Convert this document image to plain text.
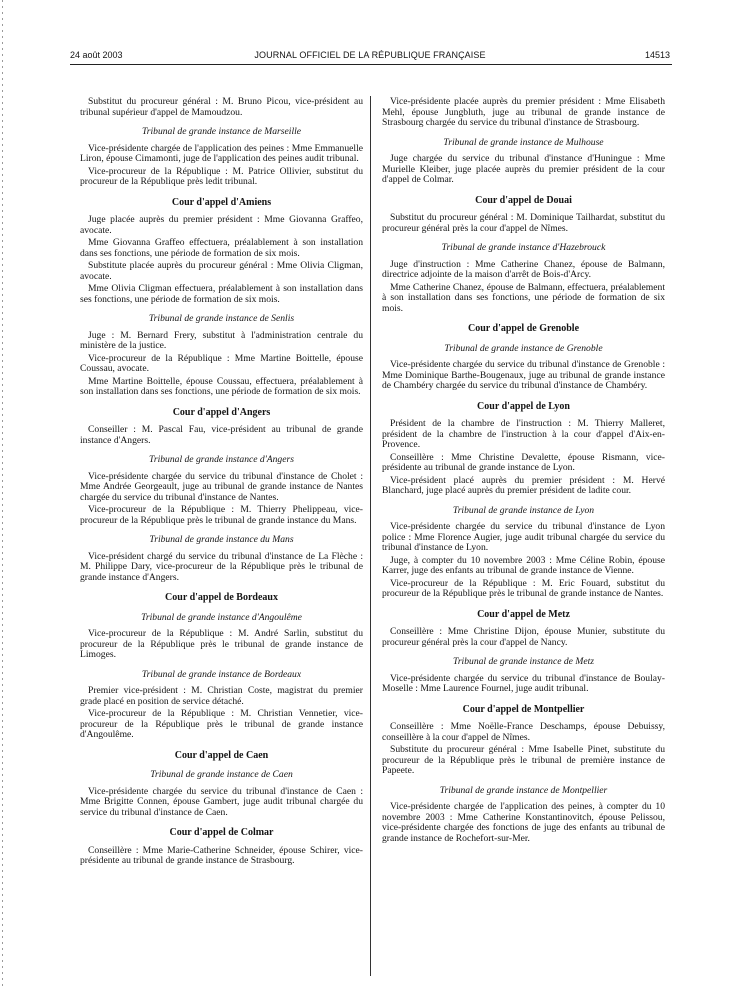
24 août 2003	JOURNAL OFFICIEL DE LA RÉPUBLIQUE FRANÇAISE	14513

Substitut du procureur général : M. Bruno Picou, vice-président au tribunal supérieur d'appel de Mamoudzou.

Tribunal de grande instance de Marseille

Vice-présidente chargée de l'application des peines : Mme Emmanuelle Liron, épouse Cimamonti, juge de l'application des peines audit tribunal.

Vice-procureur de la République : M. Patrice Ollivier, substitut du procureur de la République près ledit tribunal.

Cour d'appel d'Amiens

Juge placée auprès du premier président : Mme Giovanna Graffeo, avocate.

Mme Giovanna Graffeo effectuera, préalablement à son installation dans ses fonctions, une période de formation de six mois.

Substitute placée auprès du procureur général : Mme Olivia Cligman, avocate.

Mme Olivia Cligman effectuera, préalablement à son installation dans ses fonctions, une période de formation de six mois.

Tribunal de grande instance de Senlis

Juge : M. Bernard Frery, substitut à l'administration centrale du ministère de la justice.

Vice-procureur de la République : Mme Martine Boittelle, épouse Coussau, avocate.

Mme Martine Boittelle, épouse Coussau, effectuera, préalablement à son installation dans ses fonctions, une période de formation de six mois.

Cour d'appel d'Angers

Conseiller : M. Pascal Fau, vice-président au tribunal de grande instance d'Angers.

Tribunal de grande instance d'Angers

Vice-présidente chargée du service du tribunal d'instance de Cholet : Mme Andrée Georgeault, juge au tribunal de grande instance de Nantes chargée du service du tribunal d'instance de Nantes.

Vice-procureur de la République : M. Thierry Phelippeau, vice-procureur de la République près le tribunal de grande instance du Mans.

Tribunal de grande instance du Mans

Vice-président chargé du service du tribunal d'instance de La Flèche : M. Philippe Dary, vice-procureur de la République près le tribunal de grande instance d'Angers.

Cour d'appel de Bordeaux
Tribunal de grande instance d'Angoulême

Vice-procureur de la République : M. André Sarlin, substitut du procureur de la République près le tribunal de grande instance de Limoges.

Tribunal de grande instance de Bordeaux

Premier vice-président : M. Christian Coste, magistrat du premier grade placé en position de service détaché.

Vice-procureur de la République : M. Christian Vennetier, vice-procureur de la République près le tribunal de grande instance d'Angoulême.

Cour d'appel de Caen
Tribunal de grande instance de Caen

Vice-présidente chargée du service du tribunal d'instance de Caen : Mme Brigitte Connen, épouse Gambert, juge audit tribunal chargée du service du tribunal d'instance de Caen.

Cour d'appel de Colmar

Conseillère : Mme Marie-Catherine Schneider, épouse Schirer, vice-présidente au tribunal de grande instance de Strasbourg.

Vice-présidente placée auprès du premier président : Mme Elisabeth Mehl, épouse Jungbluth, juge au tribunal de grande instance de Strasbourg chargée du service du tribunal d'instance de Strasbourg.

Tribunal de grande instance de Mulhouse

Juge chargée du service du tribunal d'instance d'Huningue : Mme Murielle Kleiber, juge placée auprès du premier président de la cour d'appel de Colmar.

Cour d'appel de Douai

Substitut du procureur général : M. Dominique Tailhardat, substitut du procureur général près la cour d'appel de Nîmes.

Tribunal de grande instance d'Hazebrouck

Juge d'instruction : Mme Catherine Chanez, épouse de Balmann, directrice adjointe de la maison d'arrêt de Bois-d'Arcy.

Mme Catherine Chanez, épouse de Balmann, effectuera, préalablement à son installation dans ses fonctions, une période de formation de six mois.

Cour d'appel de Grenoble
Tribunal de grande instance de Grenoble

Vice-présidente chargée du service du tribunal d'instance de Grenoble : Mme Dominique Barthe-Bougenaux, juge au tribunal de grande instance de Chambéry chargée du service du tribunal d'instance de Chambéry.

Cour d'appel de Lyon

Président de la chambre de l'instruction : M. Thierry Malleret, président de la chambre de l'instruction à la cour d'appel d'Aix-en-Provence.

Conseillère : Mme Christine Devalette, épouse Rismann, vice-présidente au tribunal de grande instance de Lyon.

Vice-président placé auprès du premier président : M. Hervé Blanchard, juge placé auprès du premier président de ladite cour.

Tribunal de grande instance de Lyon

Vice-présidente chargée du service du tribunal d'instance de Lyon police : Mme Florence Augier, juge audit tribunal chargée du service du tribunal d'instance de Lyon.

Juge, à compter du 10 novembre 2003 : Mme Céline Robin, épouse Karrer, juge des enfants au tribunal de grande instance de Vienne.

Vice-procureur de la République : M. Eric Fouard, substitut du procureur de la République près le tribunal de grande instance de Nantes.

Cour d'appel de Metz

Conseillère : Mme Christine Dijon, épouse Munier, substitute du procureur général près la cour d'appel de Nancy.

Tribunal de grande instance de Metz

Vice-présidente chargée du service du tribunal d'instance de Boulay-Moselle : Mme Laurence Fournel, juge audit tribunal.

Cour d'appel de Montpellier

Conseillère : Mme Noëlle-France Deschamps, épouse Debuissy, conseillère à la cour d'appel de Nîmes.

Substitute du procureur général : Mme Isabelle Pinet, substitute du procureur de la République près le tribunal de première instance de Papeete.

Tribunal de grande instance de Montpellier

Vice-présidente chargée de l'application des peines, à compter du 10 novembre 2003 : Mme Catherine Konstantinovitch, épouse Pelissou, vice-présidente chargée des fonctions de juge des enfants au tribunal de grande instance de Rochefort-sur-Mer.
